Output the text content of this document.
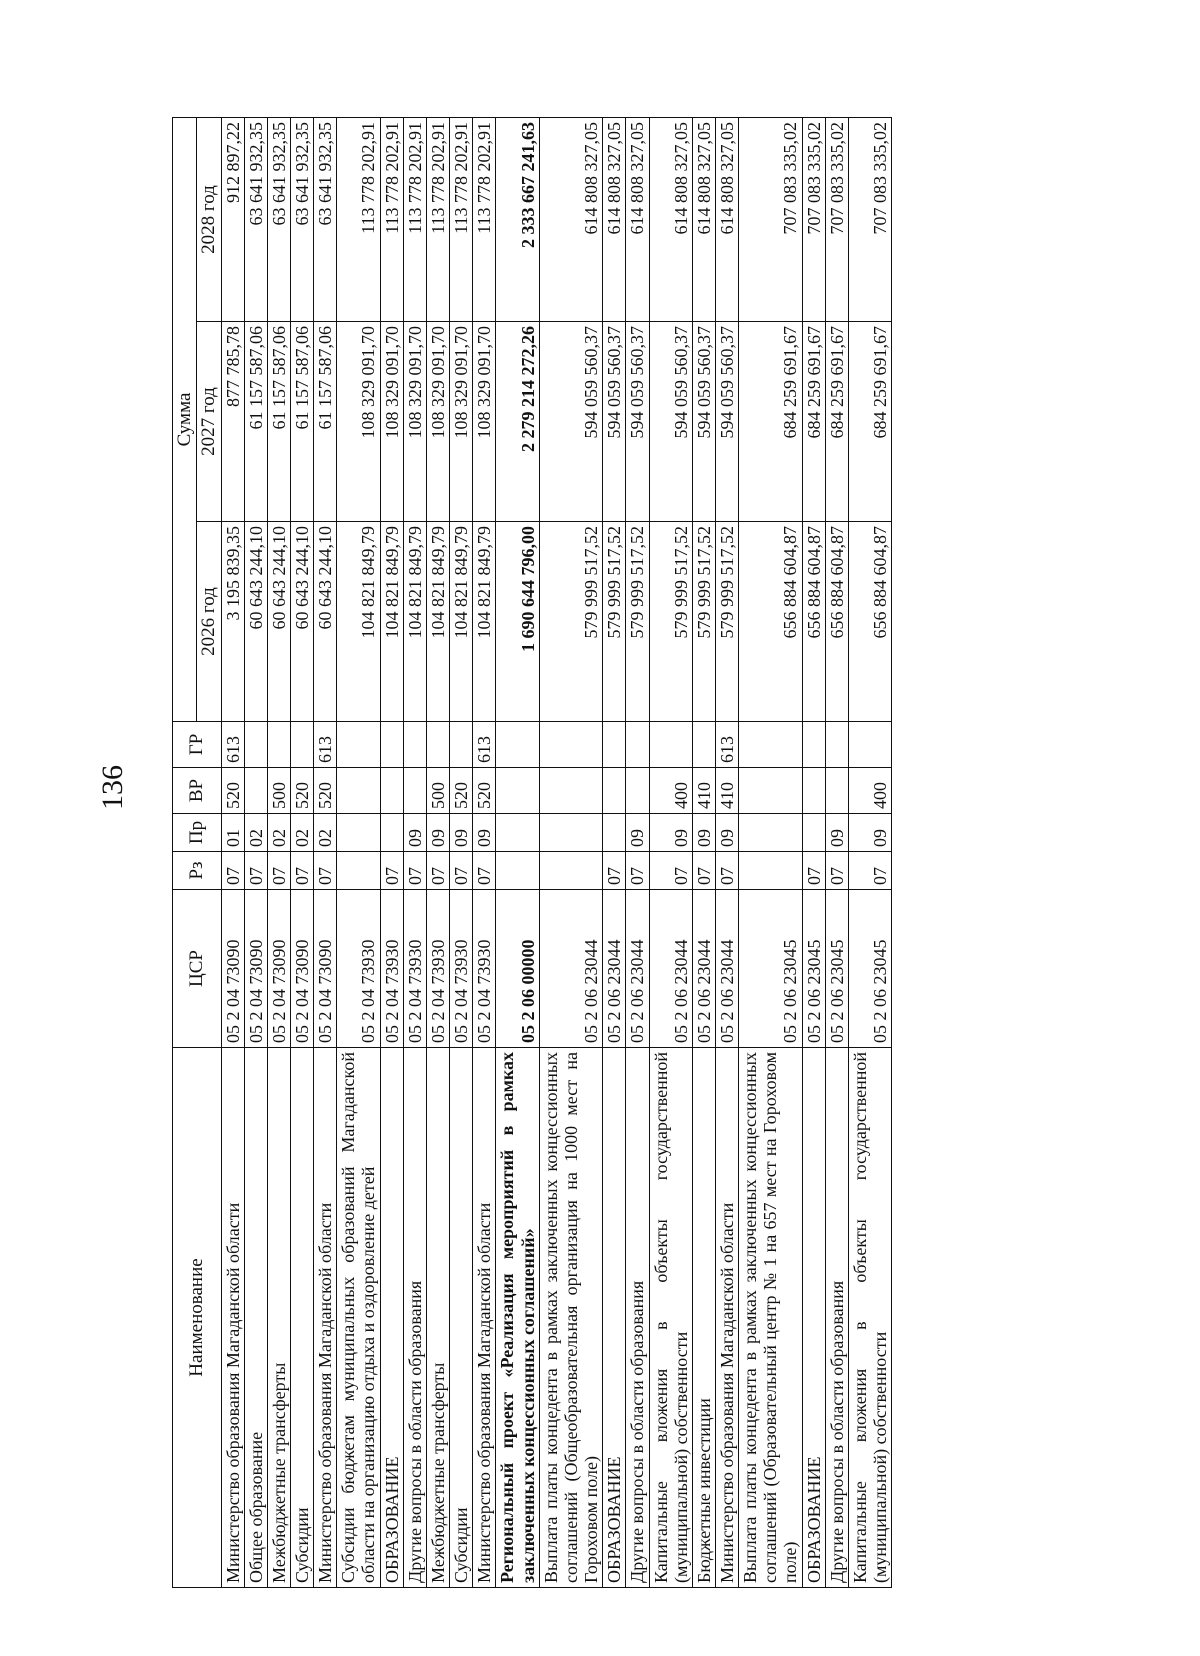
136
Наименование	ЦСР	Рз	Пр	ВР	ГР	Сумма		
						2026 год	2027 год	2028 год
Министерство образования Магаданской области	05 2 04 73090	07	01	520	613	3 195 839,35	877 785,78	912 897,22
Общее образование	05 2 04 73090	07	02			60 643 244,10	61 157 587,06	63 641 932,35
Межбюджетные трансферты	05 2 04 73090	07	02	500		60 643 244,10	61 157 587,06	63 641 932,35
Субсидии	05 2 04 73090	07	02	520		60 643 244,10	61 157 587,06	63 641 932,35
Министерство образования Магаданской области	05 2 04 73090	07	02	520	613	60 643 244,10	61 157 587,06	63 641 932,35
Субсидии бюджетам муниципальных образований Магаданской области на организацию отдыха и оздоровление детей	05 2 04 73930					104 821 849,79	108 329 091,70	113 778 202,91
ОБРАЗОВАНИЕ	05 2 04 73930	07				104 821 849,79	108 329 091,70	113 778 202,91
Другие вопросы в области образования	05 2 04 73930	07	09			104 821 849,79	108 329 091,70	113 778 202,91
Межбюджетные трансферты	05 2 04 73930	07	09	500		104 821 849,79	108 329 091,70	113 778 202,91
Субсидии	05 2 04 73930	07	09	520		104 821 849,79	108 329 091,70	113 778 202,91
Министерство образования Магаданской области	05 2 04 73930	07	09	520	613	104 821 849,79	108 329 091,70	113 778 202,91
Региональный проект «Реализация мероприятий в рамках заключенных концессионных соглашений»	05 2 06 00000					1 690 644 796,00	2 279 214 272,26	2 333 667 241,63
Выплата платы концедента в рамках заключенных концессионных соглашений (Общеобразовательная организация на 1000 мест на Гороховом поле)	05 2 06 23044					579 999 517,52	594 059 560,37	614 808 327,05
ОБРАЗОВАНИЕ	05 2 06 23044	07				579 999 517,52	594 059 560,37	614 808 327,05
Другие вопросы в области образования	05 2 06 23044	07	09			579 999 517,52	594 059 560,37	614 808 327,05
Капитальные вложения в объекты государственной (муниципальной) собственности	05 2 06 23044	07	09	400		579 999 517,52	594 059 560,37	614 808 327,05
Бюджетные инвестиции	05 2 06 23044	07	09	410		579 999 517,52	594 059 560,37	614 808 327,05
Министерство образования Магаданской области	05 2 06 23044	07	09	410	613	579 999 517,52	594 059 560,37	614 808 327,05
Выплата платы концедента в рамках заключенных концессионных соглашений (Образовательный центр № 1 на 657 мест на Гороховом поле)	05 2 06 23045					656 884 604,87	684 259 691,67	707 083 335,02
ОБРАЗОВАНИЕ	05 2 06 23045	07				656 884 604,87	684 259 691,67	707 083 335,02
Другие вопросы в области образования	05 2 06 23045	07	09			656 884 604,87	684 259 691,67	707 083 335,02
Капитальные вложения в объекты государственной (муниципальной) собственности	05 2 06 23045	07	09	400		656 884 604,87	684 259 691,67	707 083 335,02
